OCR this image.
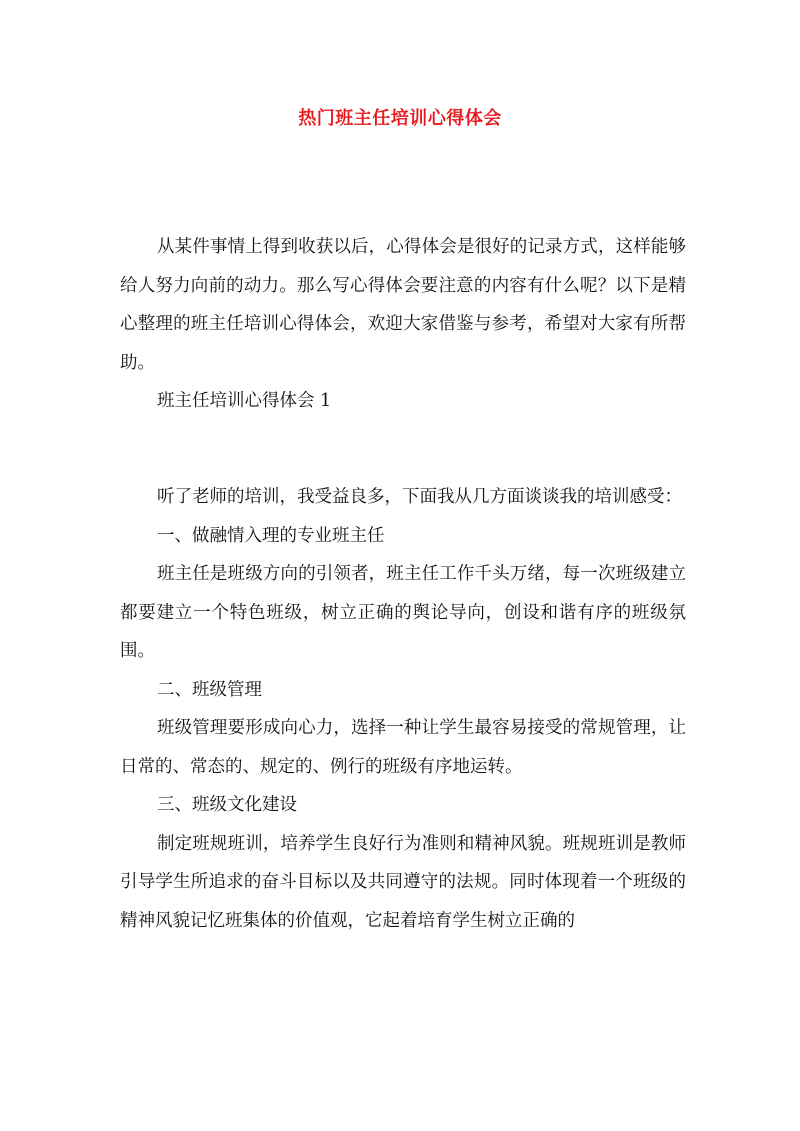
热门班主任培训心得体会

从某件事情上得到收获以后，心得体会是很好的记录方式，这样能够给人努力向前的动力。那么写心得体会要注意的内容有什么呢？以下是精心整理的班主任培训心得体会，欢迎大家借鉴与参考，希望对大家有所帮助。

班主任培训心得体会 1

听了老师的培训，我受益良多，下面我从几方面谈谈我的培训感受：

一、做融情入理的专业班主任

班主任是班级方向的引领者，班主任工作千头万绪，每一次班级建立都要建立一个特色班级，树立正确的舆论导向，创设和谐有序的班级氛围。

二、班级管理

班级管理要形成向心力，选择一种让学生最容易接受的常规管理，让日常的、常态的、规定的、例行的班级有序地运转。

三、班级文化建设

制定班规班训，培养学生良好行为准则和精神风貌。班规班训是教师引导学生所追求的奋斗目标以及共同遵守的法规。同时体现着一个班级的精神风貌记忆班集体的价值观，它起着培育学生树立正确的
